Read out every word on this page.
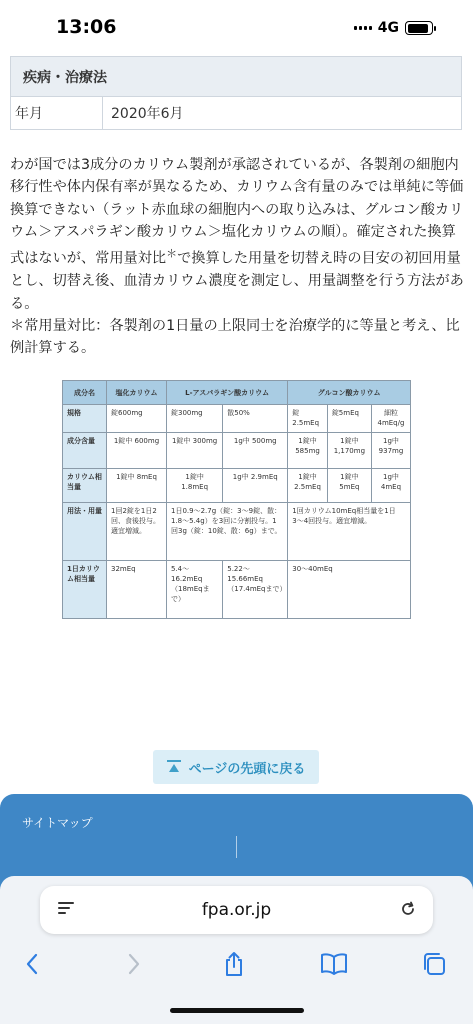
13:06	4G
疾病・治療法
年月	2020年6月

わが国では3成分のカリウム製剤が承認されているが、各製剤の細胞内移行性や体内保有率が異なるため、カリウム含有量のみでは単純に等価換算できない（ラット赤血球の細胞内への取り込みは、グルコン酸カリウム＞アスパラギン酸カリウム＞塩化カリウムの順）。確定された換算式はないが、常用量対比＊で換算した用量を切替え時の目安の初回用量とし、切替え後、血清カリウム濃度を測定し、用量調整を行う方法がある。

＊常用量対比：各製剤の1日量の上限同士を治療学的に等量と考え、比例計算する。

成分名	塩化カリウム	L-アスパラギン酸カリウム		グルコン酸カリウム		
規格	錠600mg	錠300mg	散50%	錠2.5mEq	錠5mEq	細粒 4mEq/g
成分含量	1錠中 600mg	1錠中 300mg	1g中 500mg	1錠中 585mg	1錠中 1,170mg	1g中 937mg
カリウム相当量	1錠中 8mEq	1錠中 1.8mEq	1g中 2.9mEq	1錠中 2.5mEq	1錠中 5mEq	1g中 4mEq
用法・用量	1回2錠を1日2回、食後投与。適宜増減。	1日0.9〜2.7g（錠：3〜9錠、散：1.8〜5.4g）を3回に分割投与。1回3g（錠：10錠、散：6g）まで。		1回カリウム10mEq相当量を1日3〜4回投与。適宜増減。		
1日カリウム相当量	32mEq	5.4〜16.2mEq（18mEqまで）	5.22〜15.66mEq（17.4mEqまで）	30〜40mEq		
ページの先頭に戻る
サイトマップ
fpa.or.jp
